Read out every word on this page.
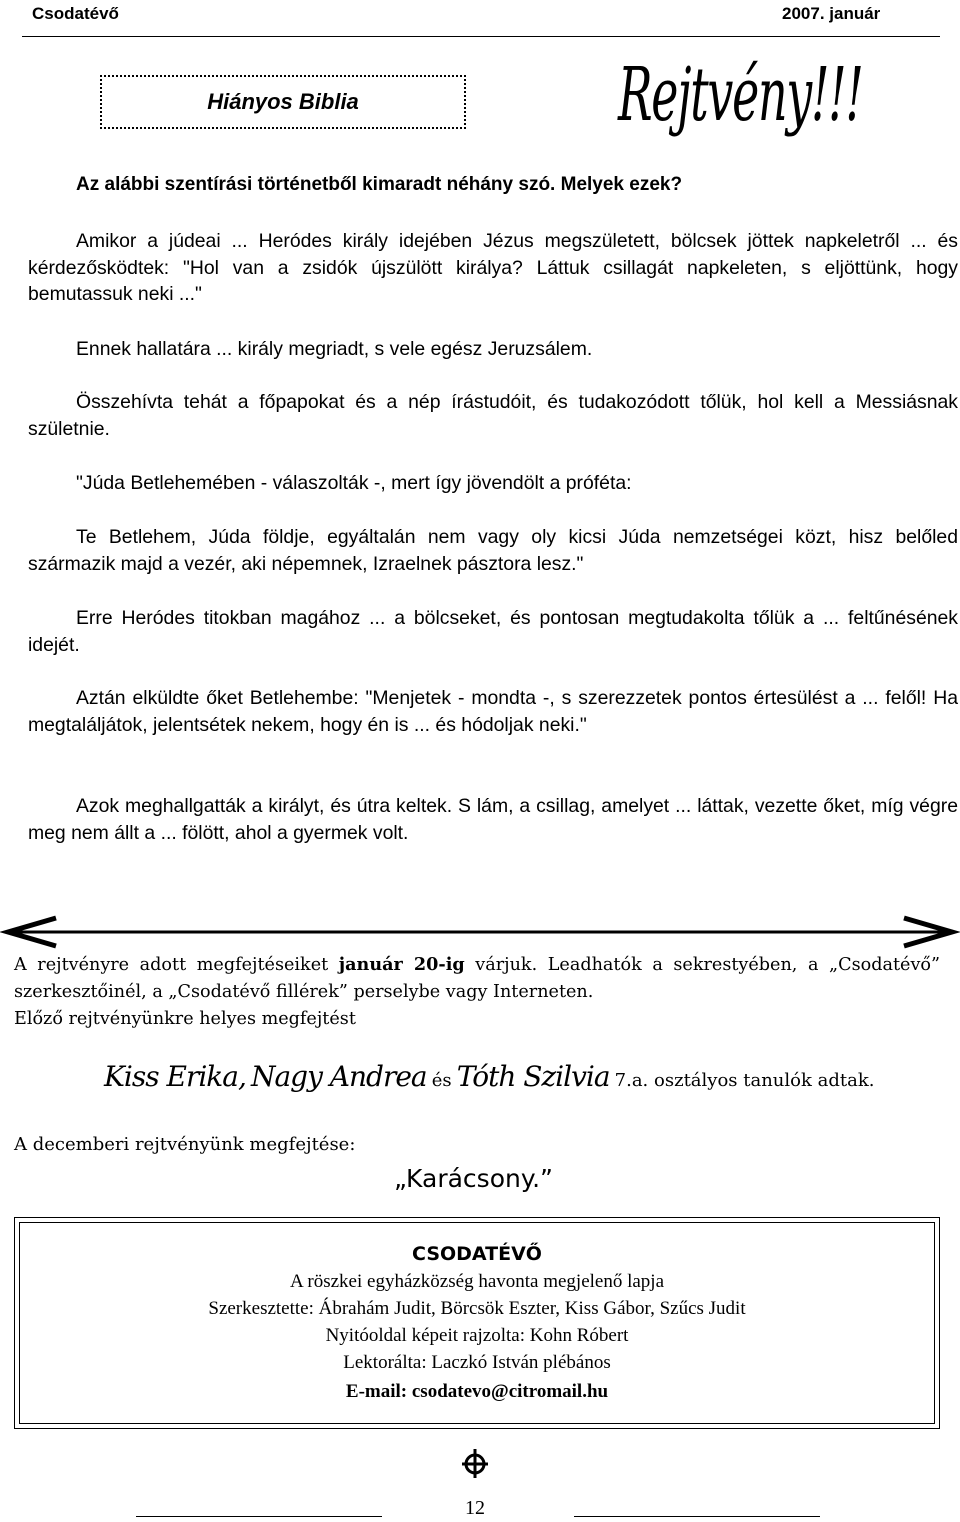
Csodatévő	2007. január
Hiányos Biblia	Rejtvény!!!
Az alábbi szentírási történetből kimaradt néhány szó. Melyek ezek?

Amikor a júdeai ... Heródes király idejében Jézus megszületett, bölcsek jöttek napkeletről ... és kérdezősködtek: "Hol van a zsidók újszülött királya? Láttuk csillagát napkeleten, s eljöttünk, hogy bemutassuk neki ..."

Ennek hallatára ... király megriadt, s vele egész Jeruzsálem.

Összehívta tehát a főpapokat és a nép írástudóit, és tudakozódott tőlük, hol kell a Messiásnak születnie.

"Júda Betlehemében - válaszolták -, mert így jövendölt a próféta:

Te Betlehem, Júda földje, egyáltalán nem vagy oly kicsi Júda nemzetségei közt, hisz belőled származik majd a vezér, aki népemnek, Izraelnek pásztora lesz."

Erre Heródes titokban magához ... a bölcseket, és pontosan megtudakolta tőlük a ... feltűnésének idejét.

Aztán elküldte őket Betlehembe: "Menjetek - mondta -, s szerezzetek pontos értesülést a ... felől! Ha megtaláljátok, jelentsétek nekem, hogy én is ... és hódoljak neki."

Azok meghallgatták a királyt, és útra keltek. S lám, a csillag, amelyet ... láttak, vezette őket, míg végre meg nem állt a ... fölött, ahol a gyermek volt.

A rejtvényre adott megfejtéseiket január 20-ig várjuk. Leadhatók a sekrestyében, a „Csodatévő” szerkesztőinél, a „Csodatévő fillérek” perselybe vagy Interneten.
Előző rejtvényünkre helyes megfejtést
Kiss Erika, Nagy Andrea és Tóth Szilvia 7.a. osztályos tanulók adtak.
A decemberi rejtvényünk megfejtése:
„Karácsony.”
CSODATÉVŐ
A röszkei egyházközség havonta megjelenő lapja
Szerkesztette: Ábrahám Judit, Börcsök Eszter, Kiss Gábor, Szűcs Judit
Nyitóoldal képeit rajzolta: Kohn Róbert
Lektorálta: Laczkó István plébános
E-mail: csodatevo@citromail.hu
12
